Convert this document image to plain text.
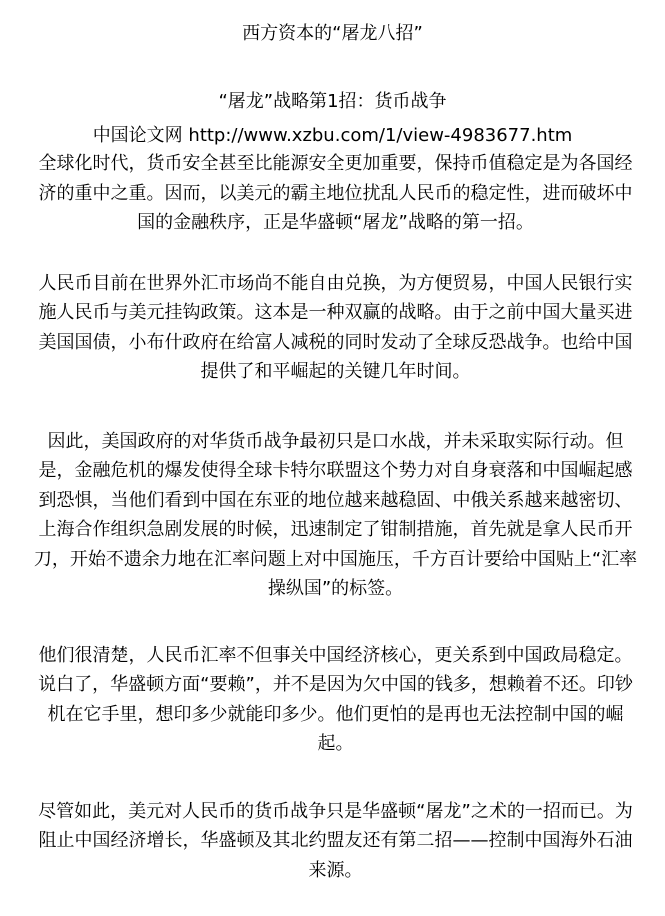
西方资本的“屠龙八招”
“屠龙”战略第1招：货币战争
中国论文网 http://www.xzbu.com/1/view-4983677.htm

全球化时代，货币安全甚至比能源安全更加重要，保持币值稳定是为各国经济的重中之重。因而，以美元的霸主地位扰乱人民币的稳定性，进而破坏中国的金融秩序，正是华盛顿“屠龙”战略的第一招。

人民币目前在世界外汇市场尚不能自由兑换，为方便贸易，中国人民银行实施人民币与美元挂钩政策。这本是一种双赢的战略。由于之前中国大量买进美国国债，小布什政府在给富人减税的同时发动了全球反恐战争。也给中国提供了和平崛起的关键几年时间。

因此，美国政府的对华货币战争最初只是口水战，并未采取实际行动。但是，金融危机的爆发使得全球卡特尔联盟这个势力对自身衰落和中国崛起感到恐惧，当他们看到中国在东亚的地位越来越稳固、中俄关系越来越密切、上海合作组织急剧发展的时候，迅速制定了钳制措施，首先就是拿人民币开刀，开始不遗余力地在汇率问题上对中国施压，千方百计要给中国贴上“汇率操纵国”的标签。

他们很清楚，人民币汇率不但事关中国经济核心，更关系到中国政局稳定。说白了，华盛顿方面“要赖”，并不是因为欠中国的钱多，想赖着不还。印钞机在它手里，想印多少就能印多少。他们更怕的是再也无法控制中国的崛起。

尽管如此，美元对人民币的货币战争只是华盛顿“屠龙”之术的一招而已。为阻止中国经济增长，华盛顿及其北约盟友还有第二招——控制中国海外石油来源。
